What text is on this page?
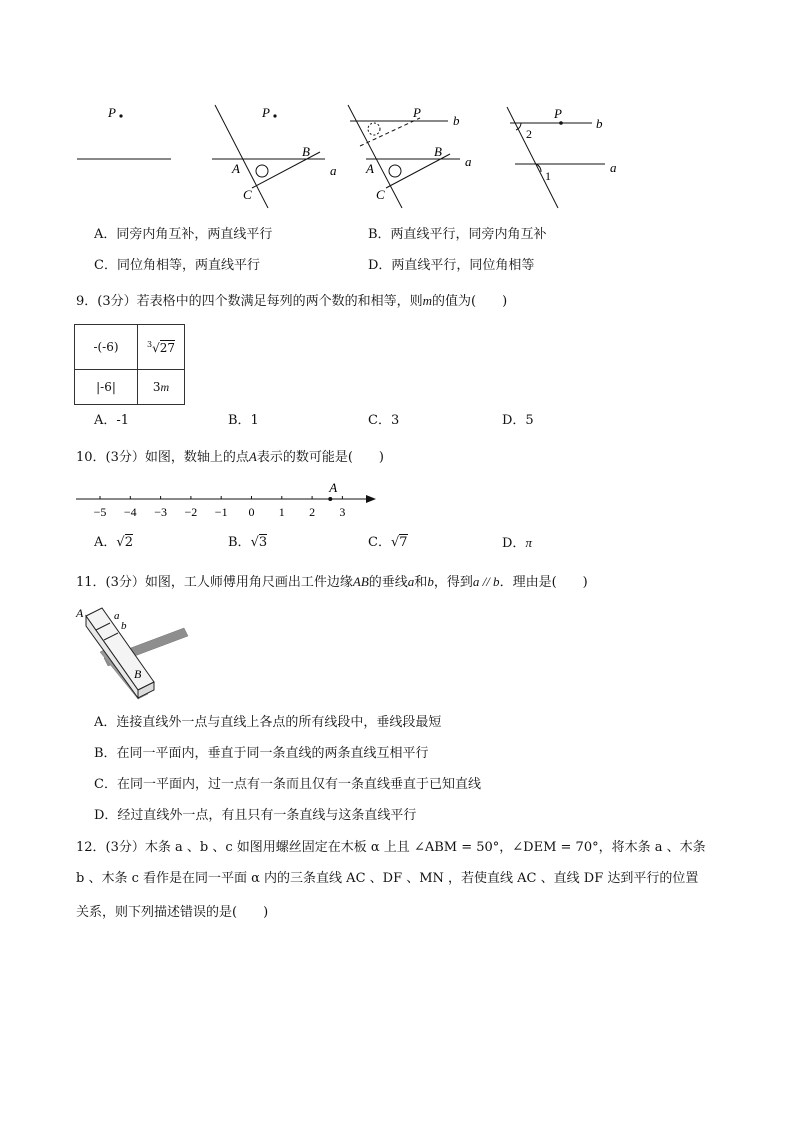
P	P
A
B
C
a
P
b
A
B
C
a
P
b
2
1
a
A．同旁内角互补，两直线平行	B．两直线平行，同旁内角互补
C．同位角相等，两直线平行	D．两直线平行，同位角相等
9．(3分）若表格中的四个数满足每列的两个数的和相等，则m的值为(　　)
-(-6)	$^3$√27
|-6|	3m
A．-1	B．1	C．3	D．5
10．(3分）如图，数轴上的点A表示的数可能是(　　)
−5 −4 −3 −2 −1 0 1 2 3
A
A．√2	B．√3	C．√7	D．π
11．(3分）如图，工人师傅用角尺画出工件边缘AB的垂线a和b，得到a // b．理由是(　　)
A	a
b
B
A．连接直线外一点与直线上各点的所有线段中，垂线段最短
B．在同一平面内，垂直于同一条直线的两条直线互相平行
C．在同一平面内，过一点有一条而且仅有一条直线垂直于已知直线
D．经过直线外一点，有且只有一条直线与这条直线平行
12．(3分）木条 a 、b 、c 如图用螺丝固定在木板 α 上且 ∠ABM = 50°，∠DEM = 70°，将木条 a 、木条
b 、木条 c 看作是在同一平面 α 内的三条直线 AC 、DF 、MN ，若使直线 AC 、直线 DF 达到平行的位置
关系，则下列描述错误的是(　　)
